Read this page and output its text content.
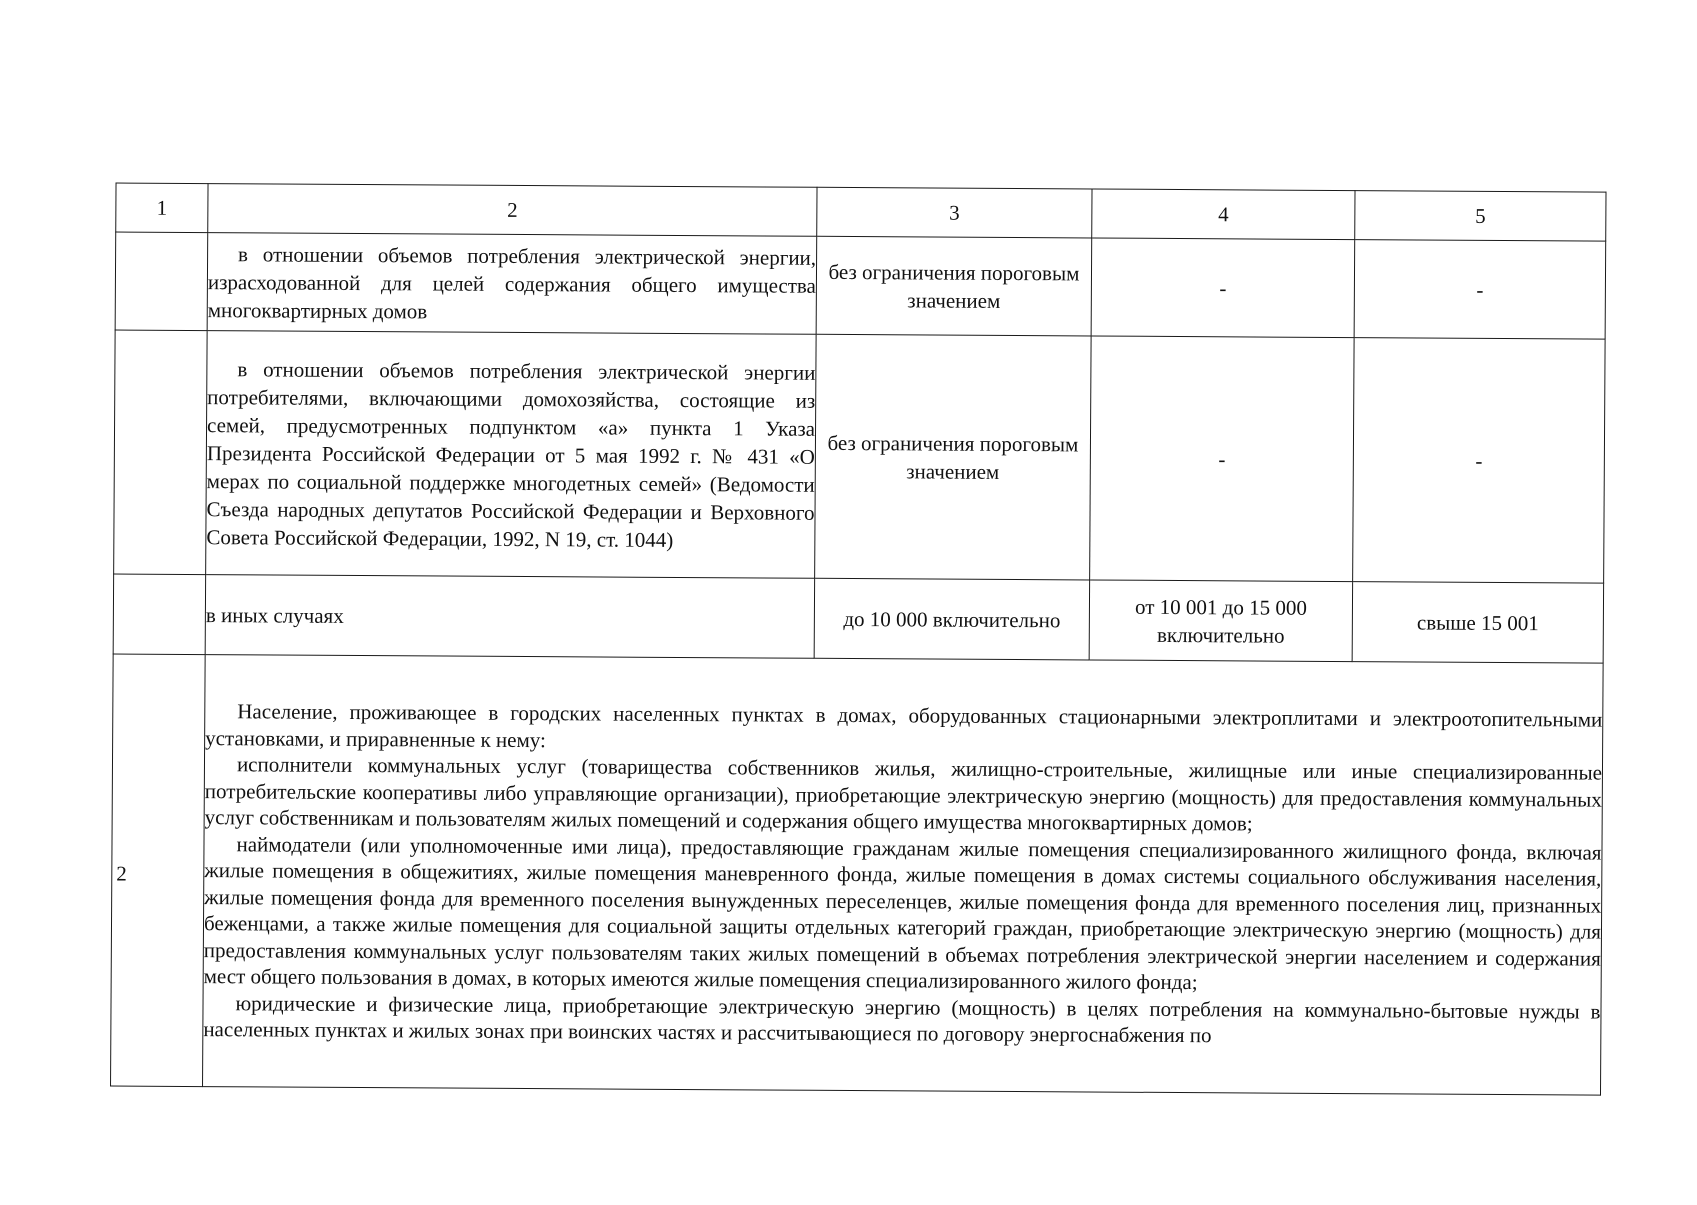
1	2	3	4	5

	в отношении объемов потребления электрической энергии, израсходованной для целей содержания общего имущества многоквартирных домов	без ограничения пороговым значением	-	-

	в отношении объемов потребления электрической энергии потребителями, включающими домохозяйства, состоящие из семей, предусмотренных подпунктом «а» пункта 1 Указа Президента Российской Федерации от 5 мая 1992 г. № 431 «О мерах по социальной поддержке многодетных семей» (Ведомости Съезда народных депутатов Российской Федерации и Верховного Совета Российской Федерации, 1992, N 19, ст. 1044)	без ограничения пороговым значением	-	-
	в иных случаях	до 10 000 включительно	от 10 001 до 15 000 включительно	свыше 15 001

2	Население, проживающее в городских населенных пунктах в домах, оборудованных стационарными электроплитами и электроотопительными установками, и приравненные к нему:

исполнители коммунальных услуг (товарищества собственников жилья, жилищно-строительные, жилищные или иные специализированные потребительские кооперативы либо управляющие организации), приобретающие электрическую энергию (мощность) для предоставления коммунальных услуг собственникам и пользователям жилых помещений и содержания общего имущества многоквартирных домов;

наймодатели (или уполномоченные ими лица), предоставляющие гражданам жилые помещения специализированного жилищного фонда, включая жилые помещения в общежитиях, жилые помещения маневренного фонда, жилые помещения в домах системы социального обслуживания населения, жилые помещения фонда для временного поселения вынужденных переселенцев, жилые помещения фонда для временного поселения лиц, признанных беженцами, а также жилые помещения для социальной защиты отдельных категорий граждан, приобретающие электрическую энергию (мощность) для предоставления коммунальных услуг пользователям таких жилых помещений в объемах потребления электрической энергии населением и содержания мест общего пользования в домах, в которых имеются жилые помещения специализированного жилого фонда;

юридические и физические лица, приобретающие электрическую энергию (мощность) в целях потребления на коммунально-бытовые нужды в населенных пунктах и жилых зонах при воинских частях и рассчитывающиеся по договору энергоснабжения по			
